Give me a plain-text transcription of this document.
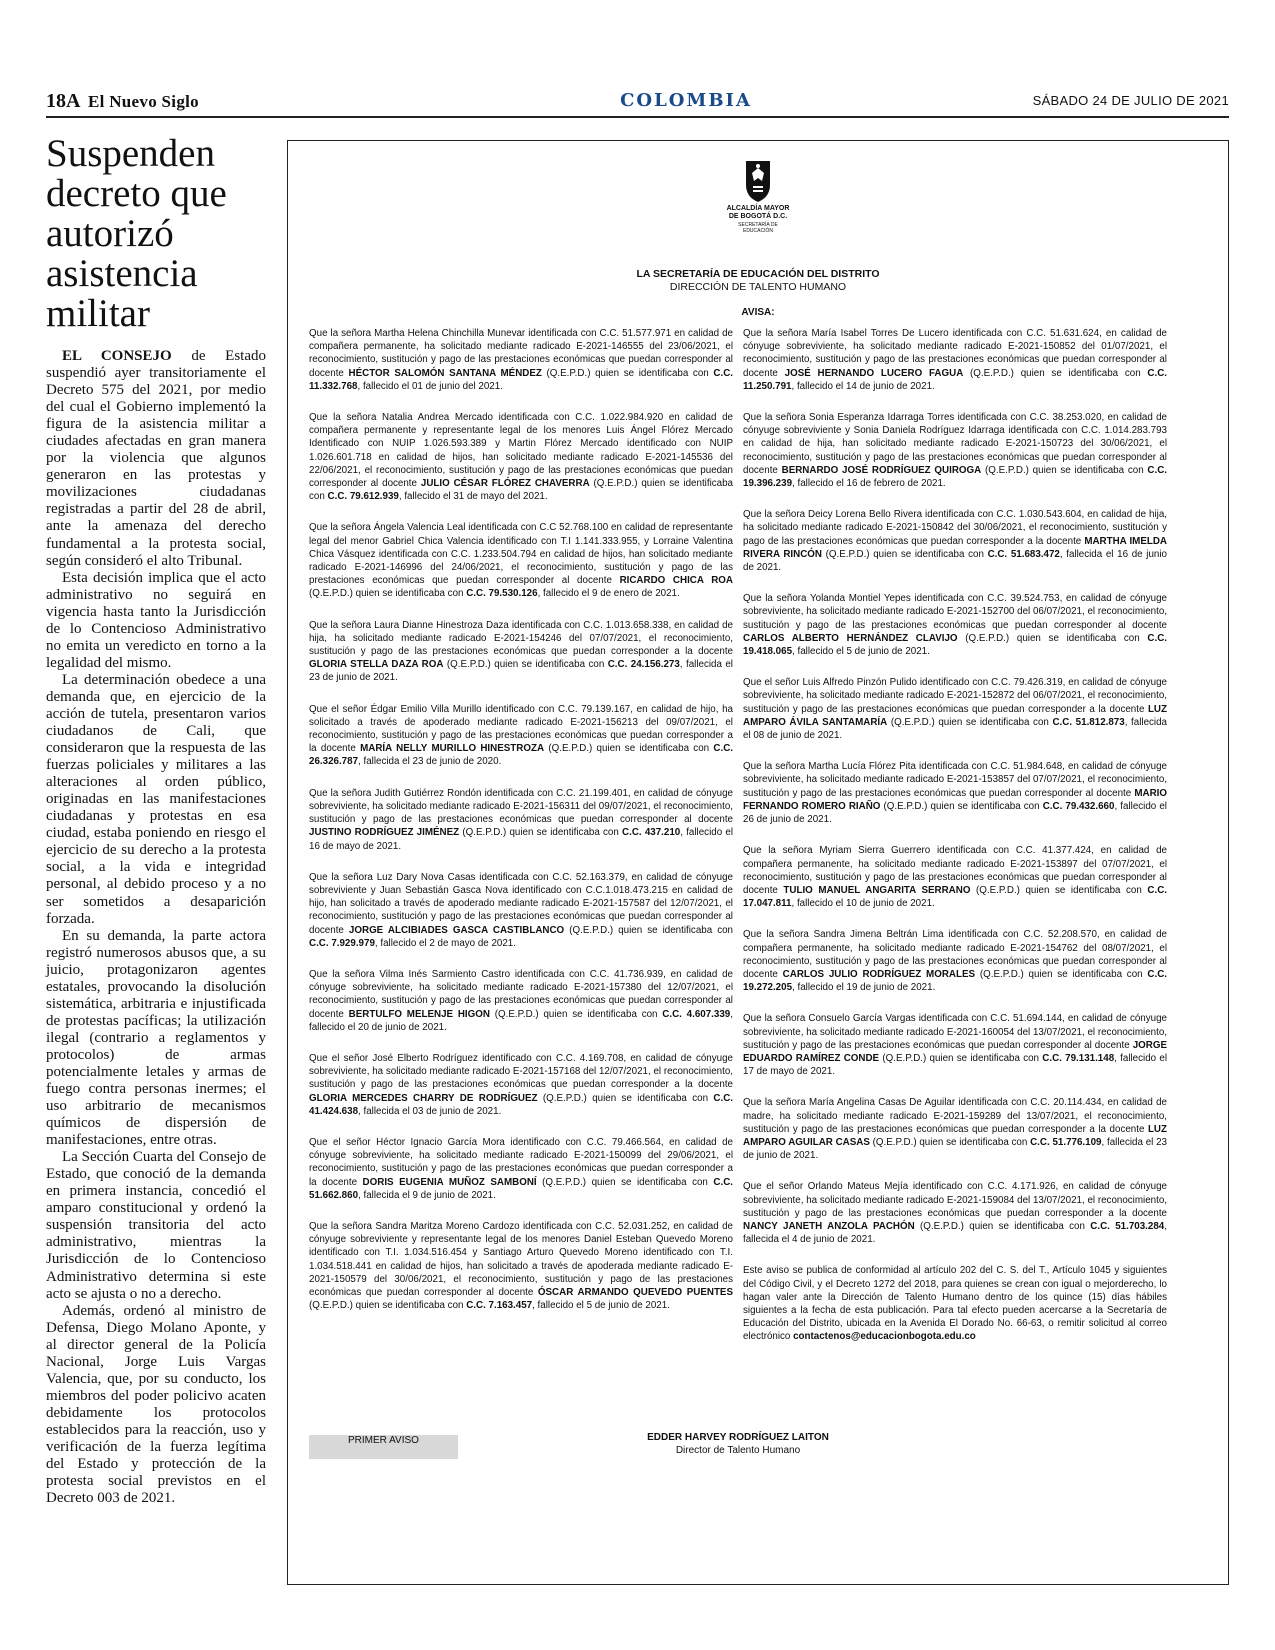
18A El Nuevo Siglo	COLOMBIA	SÁBADO 24 DE JULIO DE 2021
Suspenden decreto que autorizó asistencia militar

EL CONSEJO de Estado suspendió ayer transitoriamente el Decreto 575 del 2021, por medio del cual el Gobierno implementó la figura de la asistencia militar a ciudades afectadas en gran manera por la violencia que algunos generaron en las protestas y movilizaciones ciudadanas registradas a partir del 28 de abril, ante la amenaza del derecho fundamental a la protesta social, según consideró el alto Tribunal.

Esta decisión implica que el acto administrativo no seguirá en vigencia hasta tanto la Jurisdicción de lo Contencioso Administrativo no emita un veredicto en torno a la legalidad del mismo.

La determinación obedece a una demanda que, en ejercicio de la acción de tutela, presentaron varios ciudadanos de Cali, que consideraron que la respuesta de las fuerzas policiales y militares a las alteraciones al orden público, originadas en las manifestaciones ciudadanas y protestas en esa ciudad, estaba poniendo en riesgo el ejercicio de su derecho a la protesta social, a la vida e integridad personal, al debido proceso y a no ser sometidos a desaparición forzada.

En su demanda, la parte actora registró numerosos abusos que, a su juicio, protagonizaron agentes estatales, provocando la disolución sistemática, arbitraria e injustificada de protestas pacíficas; la utilización ilegal (contrario a reglamentos y protocolos) de armas potencialmente letales y armas de fuego contra personas inermes; el uso arbitrario de mecanismos químicos de dispersión de manifestaciones, entre otras.

La Sección Cuarta del Consejo de Estado, que conoció de la demanda en primera instancia, concedió el amparo constitucional y ordenó la suspensión transitoria del acto administrativo, mientras la Jurisdicción de lo Contencioso Administrativo determina si este acto se ajusta o no a derecho.

Además, ordenó al ministro de Defensa, Diego Molano Aponte, y al director general de la Policía Nacional, Jorge Luis Vargas Valencia, que, por su conducto, los miembros del poder policivo acaten debidamente los protocolos establecidos para la reacción, uso y verificación de la fuerza legítima del Estado y protección de la protesta social previstos en el Decreto 003 de 2021.

ALCALDÍA MAYOR DE BOGOTÁ D.C.
SECRETARÍA DE EDUCACIÓN
LA SECRETARÍA DE EDUCACIÓN DEL DISTRITO
DIRECCIÓN DE TALENTO HUMANO
AVISA:
Que la señora Martha Helena Chinchilla Munevar identificada con C.C. 51.577.971 en calidad de compañera permanente, ha solicitado mediante radicado E-2021-146555 del 23/06/2021, el reconocimiento, sustitución y pago de las prestaciones económicas que puedan corresponder al docente HÉCTOR SALOMÓN SANTANA MÉNDEZ (Q.E.P.D.) quien se identificaba con C.C. 11.332.768, fallecido el 01 de junio del 2021.
Que la señora Natalia Andrea Mercado identificada con C.C. 1.022.984.920 en calidad de compañera permanente y representante legal de los menores Luis Ángel Flórez Mercado Identificado con NUIP 1.026.593.389 y Martin Flórez Mercado identificado con NUIP 1.026.601.718 en calidad de hijos, han solicitado mediante radicado E-2021-145536 del 22/06/2021, el reconocimiento, sustitución y pago de las prestaciones económicas que puedan corresponder al docente JULIO CÉSAR FLÓREZ CHAVERRA (Q.E.P.D.) quien se identificaba con C.C. 79.612.939, fallecido el 31 de mayo del 2021.
Que la señora Ángela Valencia Leal identificada con C.C 52.768.100 en calidad de representante legal del menor Gabriel Chica Valencia identificado con T.I 1.141.333.955, y Lorraine Valentina Chica Vásquez identificada con C.C. 1.233.504.794 en calidad de hijos, han solicitado mediante radicado E-2021-146996 del 24/06/2021, el reconocimiento, sustitución y pago de las prestaciones económicas que puedan corresponder al docente RICARDO CHICA ROA (Q.E.P.D.) quien se identificaba con C.C. 79.530.126, fallecido el 9 de enero de 2021.
Que la señora Laura Dianne Hinestroza Daza identificada con C.C. 1.013.658.338, en calidad de hija, ha solicitado mediante radicado E-2021-154246 del 07/07/2021, el reconocimiento, sustitución y pago de las prestaciones económicas que puedan corresponder a la docente GLORIA STELLA DAZA ROA (Q.E.P.D.) quien se identificaba con C.C. 24.156.273, fallecida el 23 de junio de 2021.
Que el señor Édgar Emilio Villa Murillo identificado con C.C. 79.139.167, en calidad de hijo, ha solicitado a través de apoderado mediante radicado E-2021-156213 del 09/07/2021, el reconocimiento, sustitución y pago de las prestaciones económicas que puedan corresponder a la docente MARÍA NELLY MURILLO HINESTROZA (Q.E.P.D.) quien se identificaba con C.C. 26.326.787, fallecida el 23 de junio de 2020.
Que la señora Judith Gutiérrez Rondón identificada con C.C. 21.199.401, en calidad de cónyuge sobreviviente, ha solicitado mediante radicado E-2021-156311 del 09/07/2021, el reconocimiento, sustitución y pago de las prestaciones económicas que puedan corresponder al docente JUSTINO RODRÍGUEZ JIMÉNEZ (Q.E.P.D.) quien se identificaba con C.C. 437.210, fallecido el 16 de mayo de 2021.
Que la señora Luz Dary Nova Casas identificada con C.C. 52.163.379, en calidad de cónyuge sobreviviente y Juan Sebastián Gasca Nova identificado con C.C.1.018.473.215 en calidad de hijo, han solicitado a través de apoderado mediante radicado E-2021-157587 del 12/07/2021, el reconocimiento, sustitución y pago de las prestaciones económicas que puedan corresponder al docente JORGE ALCIBIADES GASCA CASTIBLANCO (Q.E.P.D.) quien se identificaba con C.C. 7.929.979, fallecido el 2 de mayo de 2021.
Que la señora Vilma Inés Sarmiento Castro identificada con C.C. 41.736.939, en calidad de cónyuge sobreviviente, ha solicitado mediante radicado E-2021-157380 del 12/07/2021, el reconocimiento, sustitución y pago de las prestaciones económicas que puedan corresponder al docente BERTULFO MELENJE HIGON (Q.E.P.D.) quien se identificaba con C.C. 4.607.339, fallecido el 20 de junio de 2021.
Que el señor José Elberto Rodríguez identificado con C.C. 4.169.708, en calidad de cónyuge sobreviviente, ha solicitado mediante radicado E-2021-157168 del 12/07/2021, el reconocimiento, sustitución y pago de las prestaciones económicas que puedan corresponder a la docente GLORIA MERCEDES CHARRY DE RODRÍGUEZ (Q.E.P.D.) quien se identificaba con C.C. 41.424.638, fallecida el 03 de junio de 2021.
Que el señor Héctor Ignacio García Mora identificado con C.C. 79.466.564, en calidad de cónyuge sobreviviente, ha solicitado mediante radicado E-2021-150099 del 29/06/2021, el reconocimiento, sustitución y pago de las prestaciones económicas que puedan corresponder a la docente DORIS EUGENIA MUÑOZ SAMBONÍ (Q.E.P.D.) quien se identificaba con C.C. 51.662.860, fallecida el 9 de junio de 2021.
Que la señora Sandra Maritza Moreno Cardozo identificada con C.C. 52.031.252, en calidad de cónyuge sobreviviente y representante legal de los menores Daniel Esteban Quevedo Moreno identificado con T.I. 1.034.516.454 y Santiago Arturo Quevedo Moreno identificado con T.I. 1.034.518.441 en calidad de hijos, han solicitado a través de apoderada mediante radicado E-2021-150579 del 30/06/2021, el reconocimiento, sustitución y pago de las prestaciones económicas que puedan corresponder al docente ÓSCAR ARMANDO QUEVEDO PUENTES (Q.E.P.D.) quien se identificaba con C.C. 7.163.457, fallecido el 5 de junio de 2021.
Que la señora María Isabel Torres De Lucero identificada con C.C. 51.631.624, en calidad de cónyuge sobreviviente, ha solicitado mediante radicado E-2021-150852 del 01/07/2021, el reconocimiento, sustitución y pago de las prestaciones económicas que puedan corresponder al docente JOSÉ HERNANDO LUCERO FAGUA (Q.E.P.D.) quien se identificaba con C.C. 11.250.791, fallecido el 14 de junio de 2021.
Que la señora Sonia Esperanza Idarraga Torres identificada con C.C. 38.253.020, en calidad de cónyuge sobreviviente y Sonia Daniela Rodríguez Idarraga identificada con C.C. 1.014.283.793 en calidad de hija, han solicitado mediante radicado E-2021-150723 del 30/06/2021, el reconocimiento, sustitución y pago de las prestaciones económicas que puedan corresponder al docente BERNARDO JOSÉ RODRÍGUEZ QUIROGA (Q.E.P.D.) quien se identificaba con C.C. 19.396.239, fallecido el 16 de febrero de 2021.
Que la señora Deicy Lorena Bello Rivera identificada con C.C. 1.030.543.604, en calidad de hija, ha solicitado mediante radicado E-2021-150842 del 30/06/2021, el reconocimiento, sustitución y pago de las prestaciones económicas que puedan corresponder a la docente MARTHA IMELDA RIVERA RINCÓN (Q.E.P.D.) quien se identificaba con C.C. 51.683.472, fallecida el 16 de junio de 2021.
Que la señora Yolanda Montiel Yepes identificada con C.C. 39.524.753, en calidad de cónyuge sobreviviente, ha solicitado mediante radicado E-2021-152700 del 06/07/2021, el reconocimiento, sustitución y pago de las prestaciones económicas que puedan corresponder al docente CARLOS ALBERTO HERNÁNDEZ CLAVIJO (Q.E.P.D.) quien se identificaba con C.C. 19.418.065, fallecido el 5 de junio de 2021.
Que el señor Luis Alfredo Pinzón Pulido identificado con C.C. 79.426.319, en calidad de cónyuge sobreviviente, ha solicitado mediante radicado E-2021-152872 del 06/07/2021, el reconocimiento, sustitución y pago de las prestaciones económicas que puedan corresponder a la docente LUZ AMPARO ÁVILA SANTAMARÍA (Q.E.P.D.) quien se identificaba con C.C. 51.812.873, fallecida el 08 de junio de 2021.
Que la señora Martha Lucía Flórez Pita identificada con C.C. 51.984.648, en calidad de cónyuge sobreviviente, ha solicitado mediante radicado E-2021-153857 del 07/07/2021, el reconocimiento, sustitución y pago de las prestaciones económicas que puedan corresponder al docente MARIO FERNANDO ROMERO RIAÑO (Q.E.P.D.) quien se identificaba con C.C. 79.432.660, fallecido el 26 de junio de 2021.
Que la señora Myriam Sierra Guerrero identificada con C.C. 41.377.424, en calidad de compañera permanente, ha solicitado mediante radicado E-2021-153897 del 07/07/2021, el reconocimiento, sustitución y pago de las prestaciones económicas que puedan corresponder al docente TULIO MANUEL ANGARITA SERRANO (Q.E.P.D.) quien se identificaba con C.C. 17.047.811, fallecido el 10 de junio de 2021.
Que la señora Sandra Jimena Beltrán Lima identificada con C.C. 52.208.570, en calidad de compañera permanente, ha solicitado mediante radicado E-2021-154762 del 08/07/2021, el reconocimiento, sustitución y pago de las prestaciones económicas que puedan corresponder al docente CARLOS JULIO RODRÍGUEZ MORALES (Q.E.P.D.) quien se identificaba con C.C. 19.272.205, fallecido el 19 de junio de 2021.
Que la señora Consuelo García Vargas identificada con C.C. 51.694.144, en calidad de cónyuge sobreviviente, ha solicitado mediante radicado E-2021-160054 del 13/07/2021, el reconocimiento, sustitución y pago de las prestaciones económicas que puedan corresponder al docente JORGE EDUARDO RAMÍREZ CONDE (Q.E.P.D.) quien se identificaba con C.C. 79.131.148, fallecido el 17 de mayo de 2021.
Que la señora María Angelina Casas De Aguilar identificada con C.C. 20.114.434, en calidad de madre, ha solicitado mediante radicado E-2021-159289 del 13/07/2021, el reconocimiento, sustitución y pago de las prestaciones económicas que puedan corresponder a la docente LUZ AMPARO AGUILAR CASAS (Q.E.P.D.) quien se identificaba con C.C. 51.776.109, fallecida el 23 de junio de 2021.
Que el señor Orlando Mateus Mejía identificado con C.C. 4.171.926, en calidad de cónyuge sobreviviente, ha solicitado mediante radicado E-2021-159084 del 13/07/2021, el reconocimiento, sustitución y pago de las prestaciones económicas que puedan corresponder a la docente NANCY JANETH ANZOLA PACHÓN (Q.E.P.D.) quien se identificaba con C.C. 51.703.284, fallecida el 4 de junio de 2021.
Este aviso se publica de conformidad al artículo 202 del C. S. del T., Artículo 1045 y siguientes del Código Civil, y el Decreto 1272 del 2018, para quienes se crean con igual o mejorderecho, lo hagan valer ante la Dirección de Talento Humano dentro de los quince (15) días hábiles siguientes a la fecha de esta publicación. Para tal efecto pueden acercarse a la Secretaría de Educación del Distrito, ubicada en la Avenida El Dorado No. 66-63, o remitir solicitud al correo electrónico contactenos@educacionbogota.edu.co
PRIMER AVISO	EDDER HARVEY RODRÍGUEZ LAITON
Director de Talento Humano
